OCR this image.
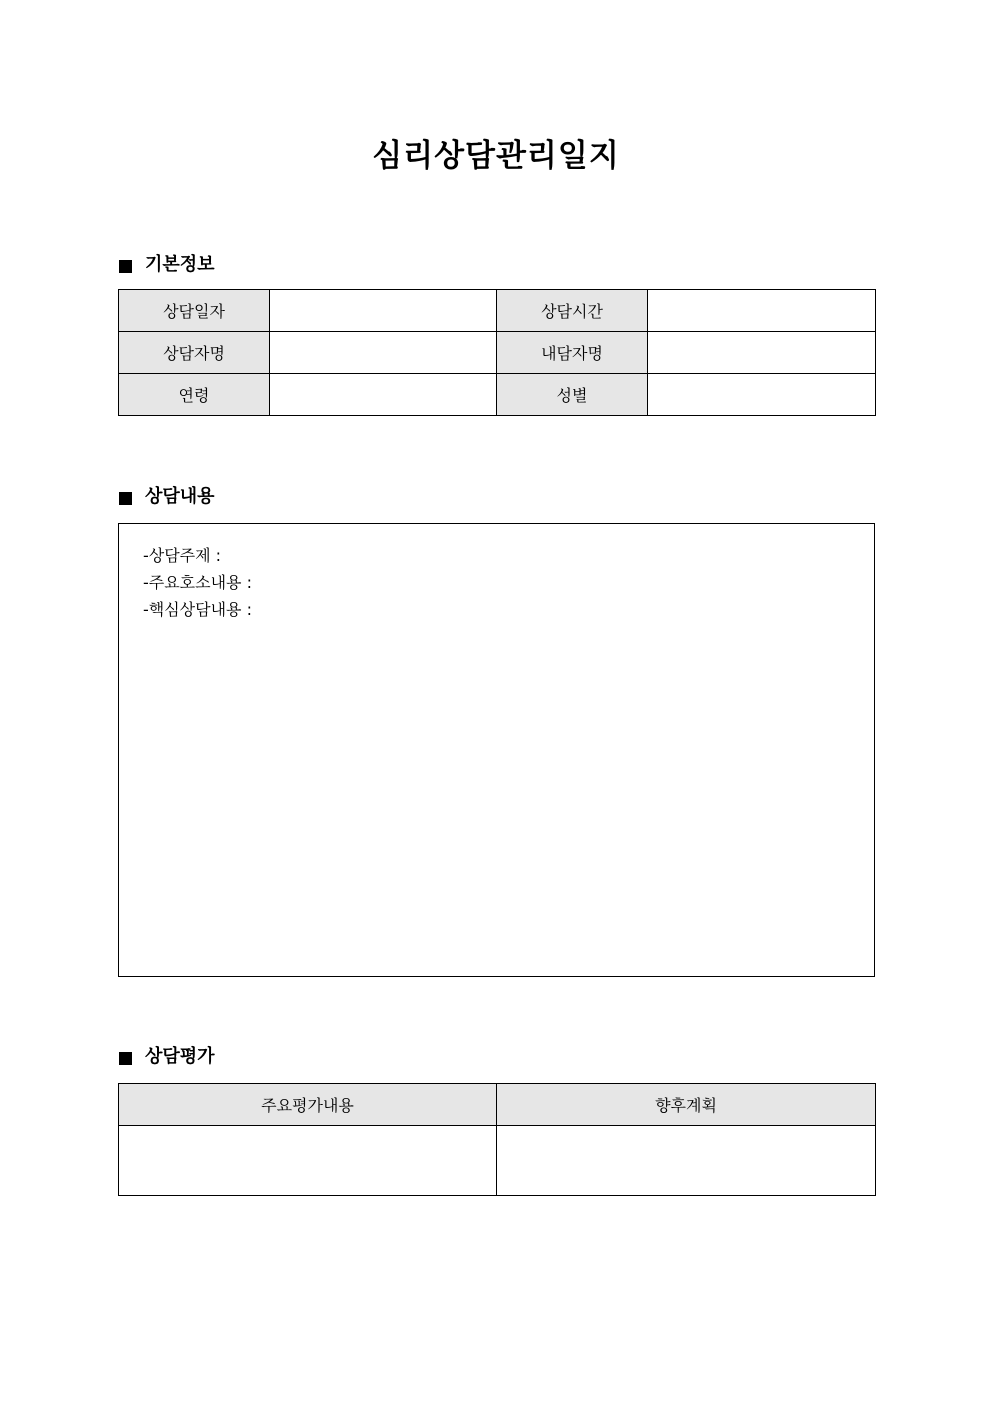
심리상담관리일지
기본정보
상담일자		상담시간	
상담자명		내담자명	
연령		성별	
상담내용
-상담주제 :
-주요호소내용 :
-핵심상담내용 :
상담평가
주요평가내용	향후계획
